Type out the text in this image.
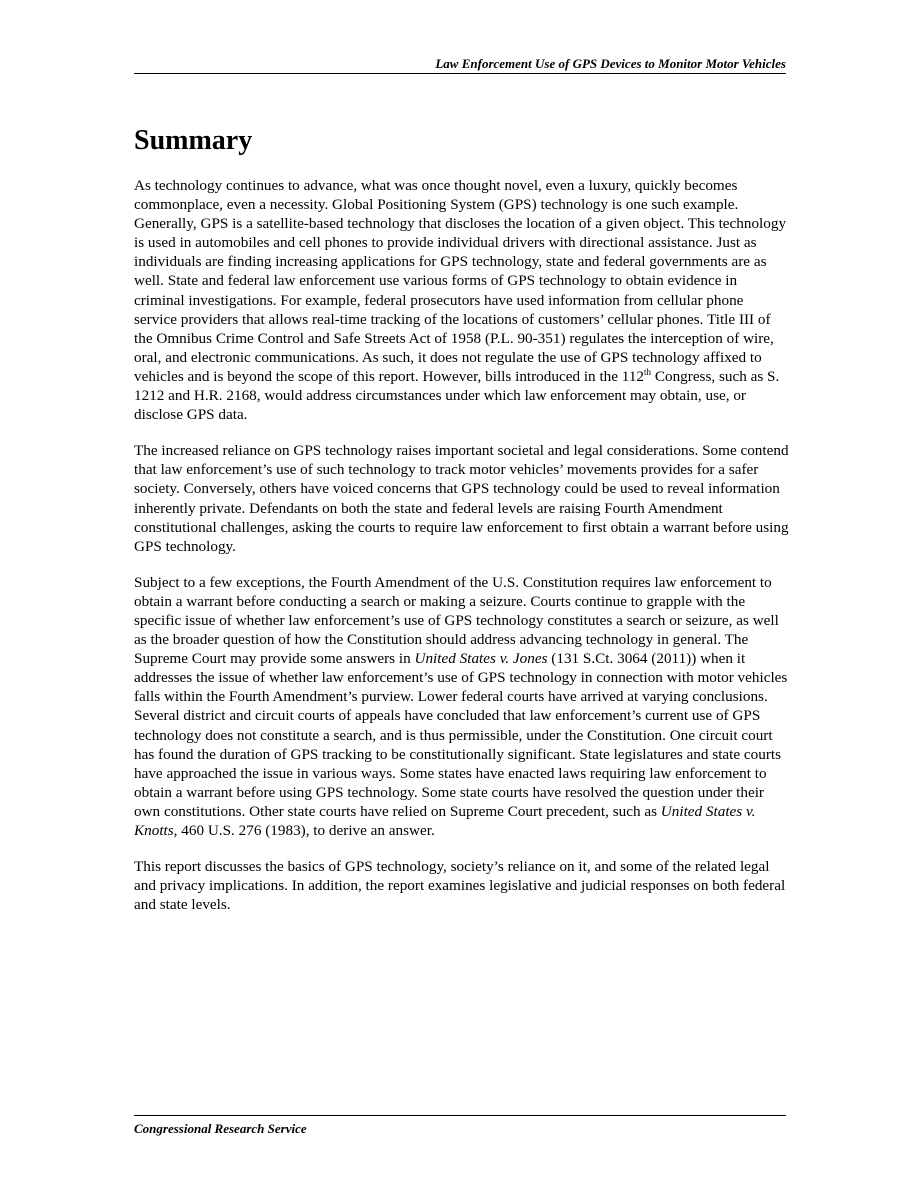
Law Enforcement Use of GPS Devices to Monitor Motor Vehicles
Summary

As technology continues to advance, what was once thought novel, even a luxury, quickly becomes commonplace, even a necessity. Global Positioning System (GPS) technology is one such example. Generally, GPS is a satellite-based technology that discloses the location of a given object. This technology is used in automobiles and cell phones to provide individual drivers with directional assistance. Just as individuals are finding increasing applications for GPS technology, state and federal governments are as well. State and federal law enforcement use various forms of GPS technology to obtain evidence in criminal investigations. For example, federal prosecutors have used information from cellular phone service providers that allows real-time tracking of the locations of customers’ cellular phones. Title III of the Omnibus Crime Control and Safe Streets Act of 1958 (P.L. 90-351) regulates the interception of wire, oral, and electronic communications. As such, it does not regulate the use of GPS technology affixed to vehicles and is beyond the scope of this report. However, bills introduced in the 112th Congress, such as S. 1212 and H.R. 2168, would address circumstances under which law enforcement may obtain, use, or disclose GPS data.

The increased reliance on GPS technology raises important societal and legal considerations. Some contend that law enforcement’s use of such technology to track motor vehicles’ movements provides for a safer society. Conversely, others have voiced concerns that GPS technology could be used to reveal information inherently private. Defendants on both the state and federal levels are raising Fourth Amendment constitutional challenges, asking the courts to require law enforcement to first obtain a warrant before using GPS technology.

Subject to a few exceptions, the Fourth Amendment of the U.S. Constitution requires law enforcement to obtain a warrant before conducting a search or making a seizure. Courts continue to grapple with the specific issue of whether law enforcement’s use of GPS technology constitutes a search or seizure, as well as the broader question of how the Constitution should address advancing technology in general. The Supreme Court may provide some answers in United States v. Jones (131 S.Ct. 3064 (2011)) when it addresses the issue of whether law enforcement’s use of GPS technology in connection with motor vehicles falls within the Fourth Amendment’s purview. Lower federal courts have arrived at varying conclusions. Several district and circuit courts of appeals have concluded that law enforcement’s current use of GPS technology does not constitute a search, and is thus permissible, under the Constitution. One circuit court has found the duration of GPS tracking to be constitutionally significant. State legislatures and state courts have approached the issue in various ways. Some states have enacted laws requiring law enforcement to obtain a warrant before using GPS technology. Some state courts have resolved the question under their own constitutions. Other state courts have relied on Supreme Court precedent, such as United States v. Knotts, 460 U.S. 276 (1983), to derive an answer.

This report discusses the basics of GPS technology, society’s reliance on it, and some of the related legal and privacy implications. In addition, the report examines legislative and judicial responses on both federal and state levels.

Congressional Research Service
